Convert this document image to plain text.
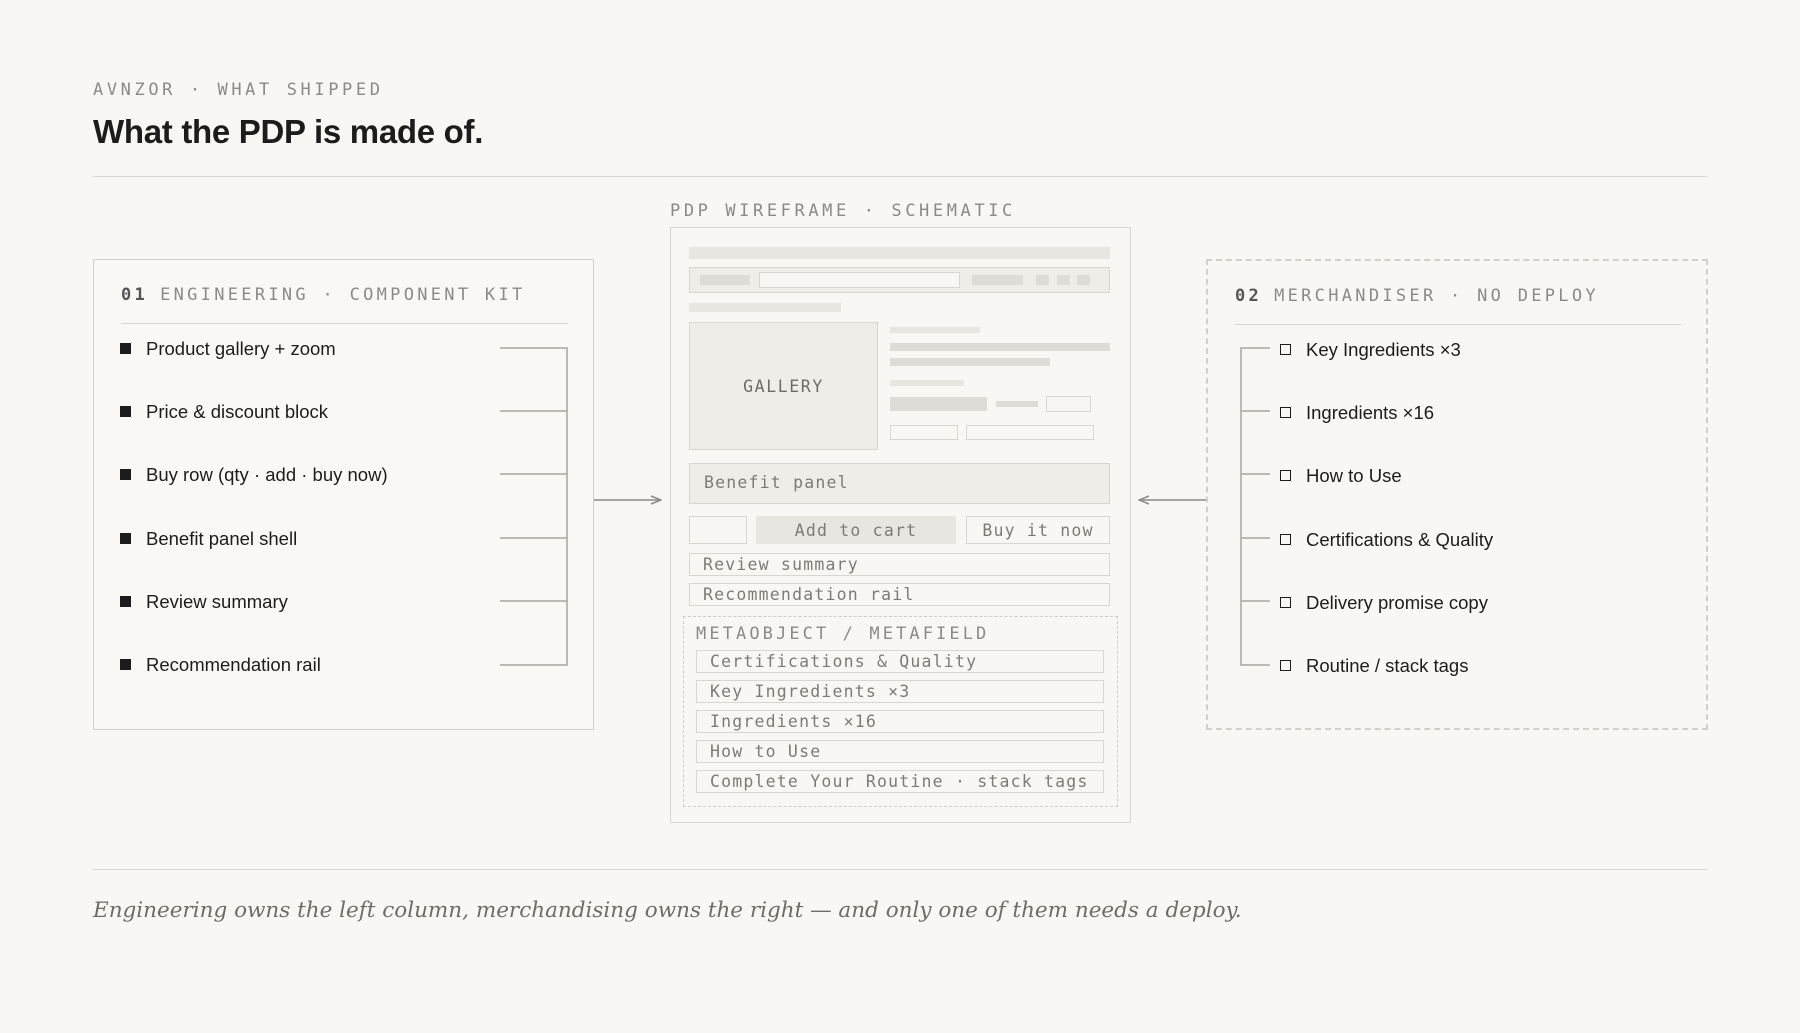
AVNZOR · WHAT SHIPPED
What the PDP is made of.
01 ENGINEERING · COMPONENT KIT
Product gallery + zoom
Price & discount block
Buy row (qty · add · buy now)
Benefit panel shell
Review summary
Recommendation rail
02 MERCHANDISER · NO DEPLOY
Key Ingredients ×3
Ingredients ×16
How to Use
Certifications & Quality
Delivery promise copy
Routine / stack tags
PDP WIREFRAME · SCHEMATIC
GALLERY
Benefit panel
Add to cart	Buy it now
Review summary
Recommendation rail
METAOBJECT / METAFIELD
Certifications & Quality
Key Ingredients ×3
Ingredients ×16
How to Use
Complete Your Routine · stack tags
Engineering owns the left column, merchandising owns the right — and only one of them needs a deploy.
